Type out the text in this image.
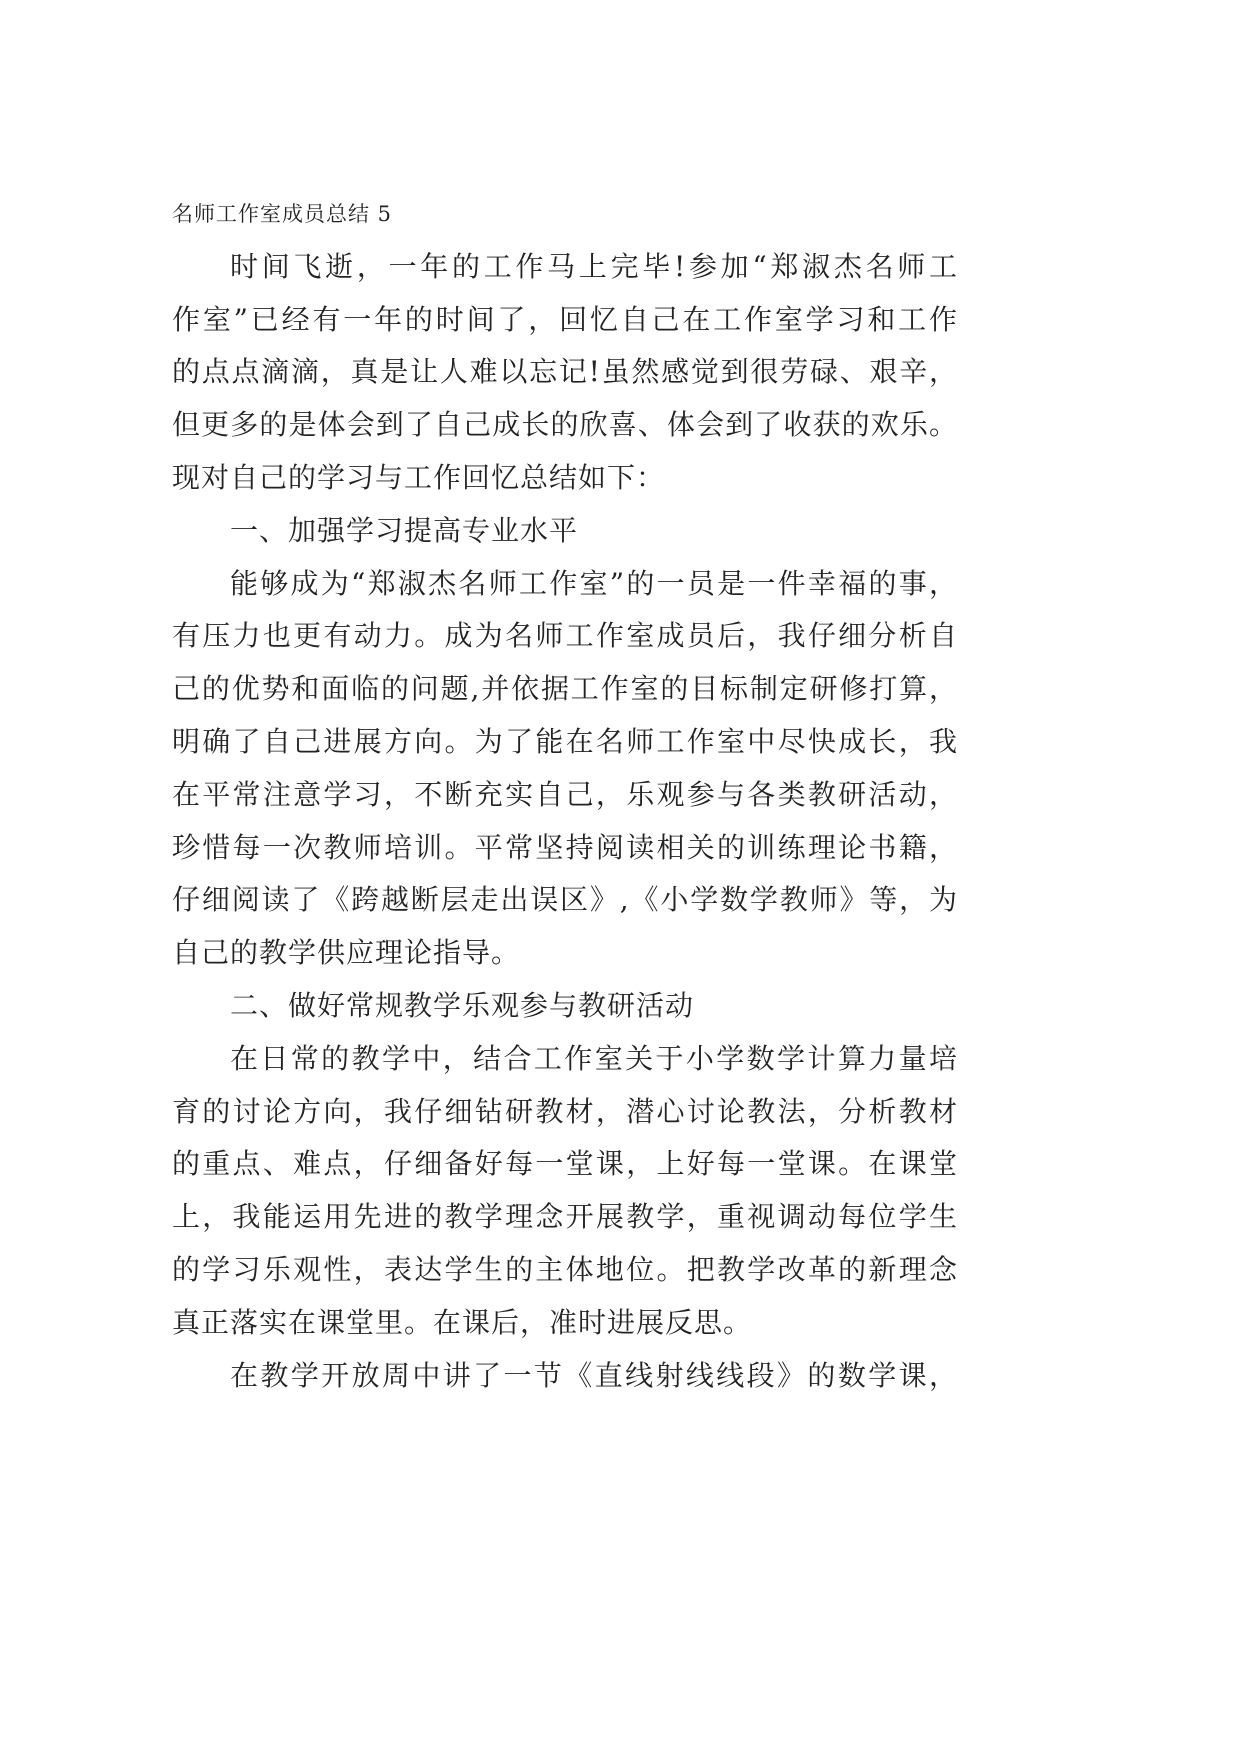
名师工作室成员总结 5
时间飞逝，一年的工作马上完毕!参加“郑淑杰名师工
作室”已经有一年的时间了，回忆自己在工作室学习和工作
的点点滴滴，真是让人难以忘记!虽然感觉到很劳碌、艰辛，
但更多的是体会到了自己成长的欣喜、体会到了收获的欢乐。
现对自己的学习与工作回忆总结如下：
一、加强学习提高专业水平
能够成为“郑淑杰名师工作室”的一员是一件幸福的事，
有压力也更有动力。成为名师工作室成员后，我仔细分析自
己的优势和面临的问题,并依据工作室的目标制定研修打算，
明确了自己进展方向。为了能在名师工作室中尽快成长，我
在平常注意学习，不断充实自己，乐观参与各类教研活动，
珍惜每一次教师培训。平常坚持阅读相关的训练理论书籍，
仔细阅读了《跨越断层走出误区》,《小学数学教师》等，为
自己的教学供应理论指导。
二、做好常规教学乐观参与教研活动
在日常的教学中，结合工作室关于小学数学计算力量培
育的讨论方向，我仔细钻研教材，潜心讨论教法，分析教材
的重点、难点，仔细备好每一堂课，上好每一堂课。在课堂
上，我能运用先进的教学理念开展教学，重视调动每位学生
的学习乐观性，表达学生的主体地位。把教学改革的新理念
真正落实在课堂里。在课后，准时进展反思。
在教学开放周中讲了一节《直线射线线段》的数学课，
